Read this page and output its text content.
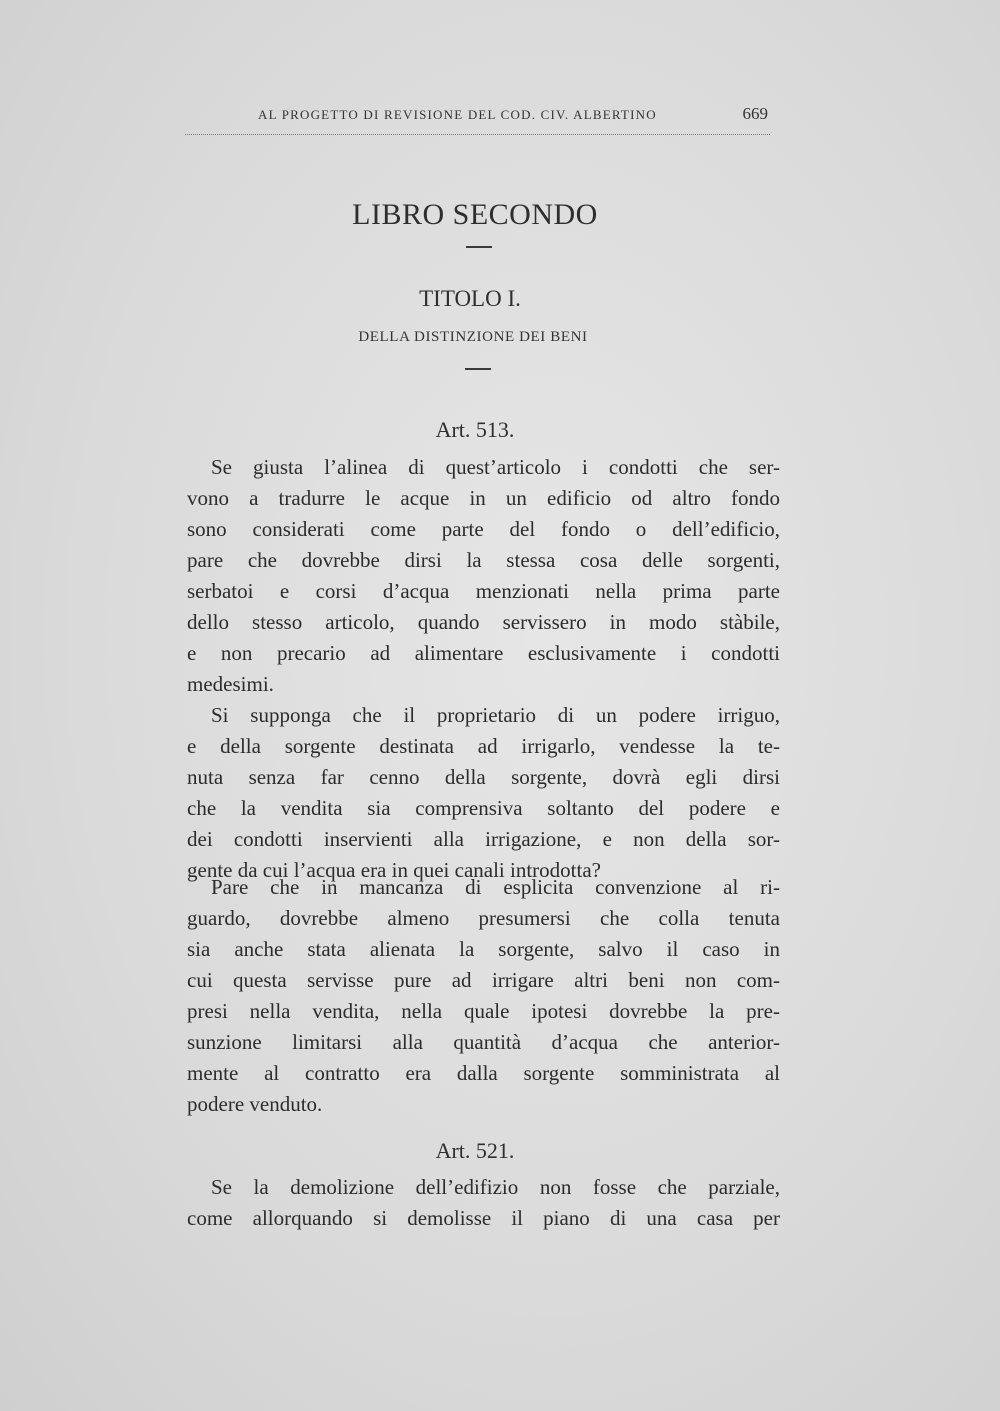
AL PROGETTO DI REVISIONE DEL COD. CIV. ALBERTINO	669
LIBRO SECONDO
TITOLO I.
DELLA DISTINZIONE DEI BENI
Art. 513.
Se giusta l’alinea di quest’articolo i condotti che ser-
vono a tradurre le acque in un edificio od altro fondo
sono considerati come parte del fondo o dell’edificio,
pare che dovrebbe dirsi la stessa cosa delle sorgenti,
serbatoi e corsi d’acqua menzionati nella prima parte
dello stesso articolo, quando servissero in modo stàbile,
e non precario ad alimentare esclusivamente i condotti
medesimi.
Si supponga che il proprietario di un podere irriguo,
e della sorgente destinata ad irrigarlo, vendesse la te-
nuta senza far cenno della sorgente, dovrà egli dirsi
che la vendita sia comprensiva soltanto del podere e
dei condotti inservienti alla irrigazione, e non della sor-
gente da cui l’acqua era in quei canali introdotta?
Pare che in mancanza di esplicita convenzione al ri-
guardo, dovrebbe almeno presumersi che colla tenuta
sia anche stata alienata la sorgente, salvo il caso in
cui questa servisse pure ad irrigare altri beni non com-
presi nella vendita, nella quale ipotesi dovrebbe la pre-
sunzione limitarsi alla quantità d’acqua che anterior-
mente al contratto era dalla sorgente somministrata al
podere venduto.
Art. 521.
Se la demolizione dell’edifizio non fosse che parziale,
come allorquando si demolisse il piano di una casa per
